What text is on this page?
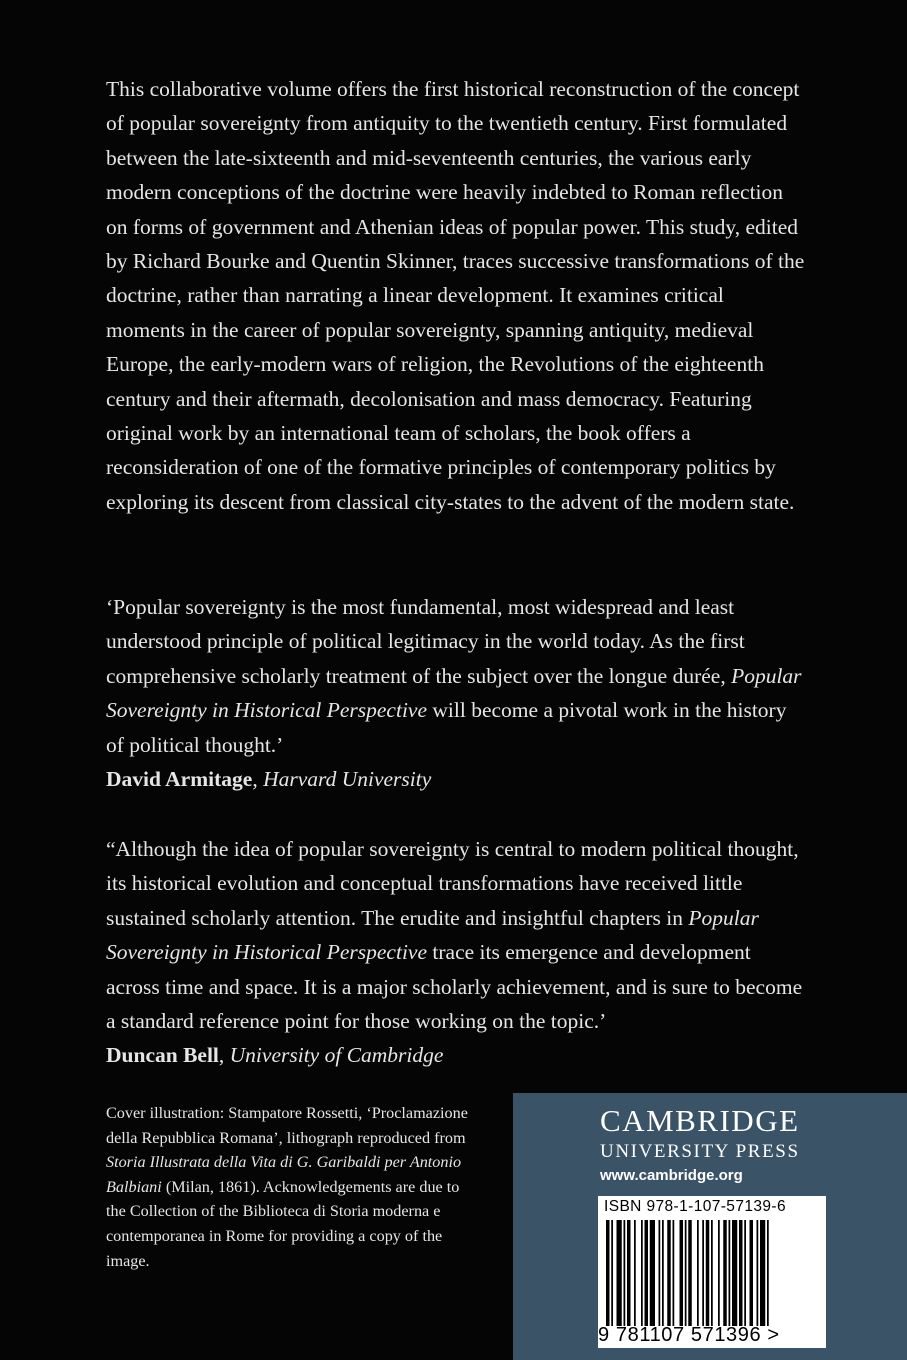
This collaborative volume offers the first historical reconstruction of the concept of popular sovereignty from antiquity to the twentieth century. First formulated between the late-sixteenth and mid-seventeenth centuries, the various early modern conceptions of the doctrine were heavily indebted to Roman reflection on forms of government and Athenian ideas of popular power. This study, edited by Richard Bourke and Quentin Skinner, traces successive transformations of the doctrine, rather than narrating a linear development. It examines critical moments in the career of popular sovereignty, spanning antiquity, medieval Europe, the early-modern wars of religion, the Revolutions of the eighteenth century and their aftermath, decolonisation and mass democracy. Featuring original work by an international team of scholars, the book offers a reconsideration of one of the formative principles of contemporary politics by exploring its descent from classical city-states to the advent of the modern state.

‘Popular sovereignty is the most fundamental, most widespread and least understood principle of political legitimacy in the world today. As the first comprehensive scholarly treatment of the subject over the longue durée, Popular Sovereignty in Historical Perspective will become a pivotal work in the history of political thought.’
David Armitage, Harvard University

“Although the idea of popular sovereignty is central to modern political thought, its historical evolution and conceptual transformations have received little sustained scholarly attention. The erudite and insightful chapters in Popular Sovereignty in Historical Perspective trace its emergence and development across time and space. It is a major scholarly achievement, and is sure to become a standard reference point for those working on the topic.’
Duncan Bell, University of Cambridge

Cover illustration: Stampatore Rossetti, ‘Proclamazione della Repubblica Romana’, lithograph reproduced from Storia Illustrata della Vita di G. Garibaldi per Antonio Balbiani (Milan, 1861). Acknowledgements are due to the Collection of the Biblioteca di Storia moderna e contemporanea in Rome for providing a copy of the image.

CAMBRIDGE
UNIVERSITY PRESS
www.cambridge.org
ISBN 978-1-107-57139-6
9 781107 571396 >
